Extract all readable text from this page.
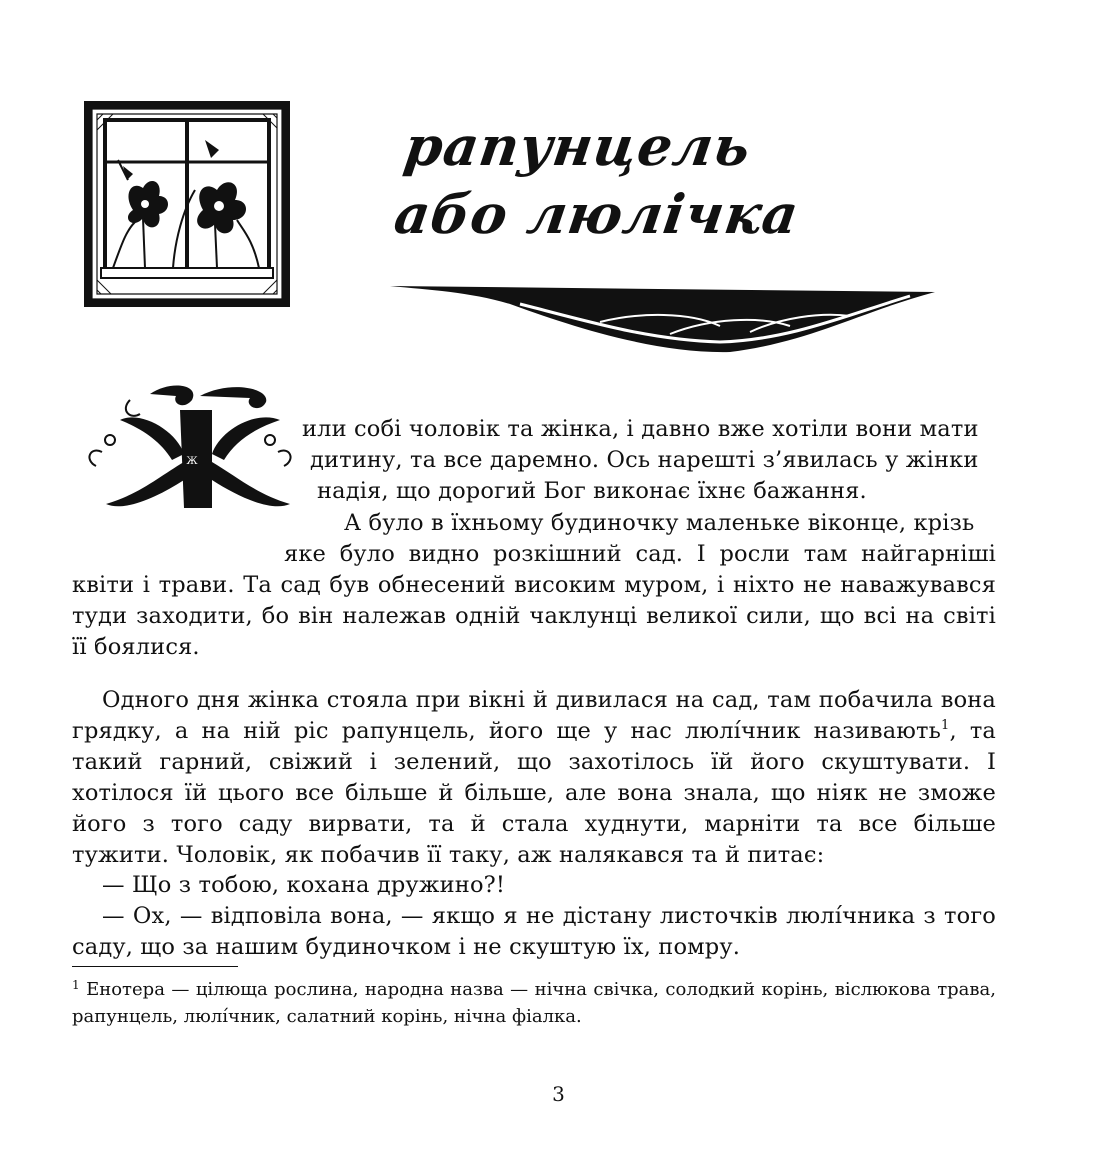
рапунцель
або люлічка
Ж
или собі чоловік та жінка, і давно вже хотіли вони мати
дитину, та все даремно. Ось нарешті з’явилась у жінки
надія, що дорогий Бог виконає їхнє бажання.
А було в їхньому будиночку маленьке віконце, крізь
яке було видно розкішний сад. І росли там найгарніші

квіти і трави. Та сад був обнесений високим муром, і ніхто не наважувався туди заходити, бо він належав одній чаклунці великої сили, що всі на світі її боялися.

Одного дня жінка стояла при вікні й дивилася на сад, там побачила вона грядку, а на ній ріс рапунцель, його ще у нас люлíчник називають$^1$, та такий гарний, свіжий і зелений, що захотілось їй його скуштувати. І хотілося їй цього все більше й більше, але вона знала, що ніяк не зможе його з того саду вирвати, та й стала худнути, марніти та все більше тужити. Чоловік, як побачив її таку, аж налякався та й питає:

— Що з тобою, кохана дружино?!

— Ох, — відповіла вона, — якщо я не дістану листочків люлíчника з того саду, що за нашим будиночком і не скуштую їх, помру.

$^1$ Енотера — цілюща рослина, народна назва — нічна свічка, солодкий корінь, віслюкова трава, рапунцель, люлíчник, салатний корінь, нічна фіалка.
3
